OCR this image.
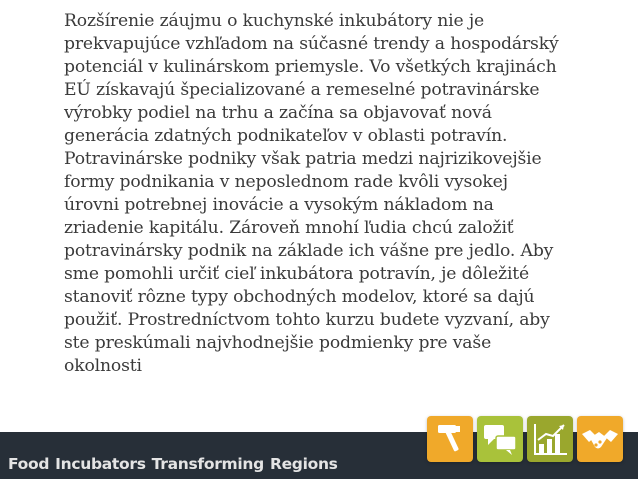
Rozšírenie záujmu o kuchynské inkubátory nie je
prekvapujúce vzhľadom na súčasné trendy a hospodárský
potenciál v kulinárskom priemysle. Vo všetkých krajinách
EÚ získavajú špecializované a remeselné potravinárske
výrobky podiel na trhu a začína sa objavovať nová
generácia zdatných podnikateľov v oblasti potravín.

Potravinárske podniky však patria medzi najrizikovejšie
formy podnikania v neposlednom rade kvôli vysokej
úrovni potrebnej inovácie a vysokým nákladom na
zriadenie kapitálu. Zároveň mnohí ľudia chcú založiť
potravinársky podnik na základe ich vášne pre jedlo. Aby
sme pomohli určiť cieľ inkubátora potravín, je dôležité
stanoviť rôzne typy obchodných modelov, ktoré sa dajú
použiť. Prostredníctvom tohto kurzu budete vyzvaní, aby
ste preskúmali najvhodnejšie podmienky pre vaše
okolnosti

Food Incubators Transforming Regions
